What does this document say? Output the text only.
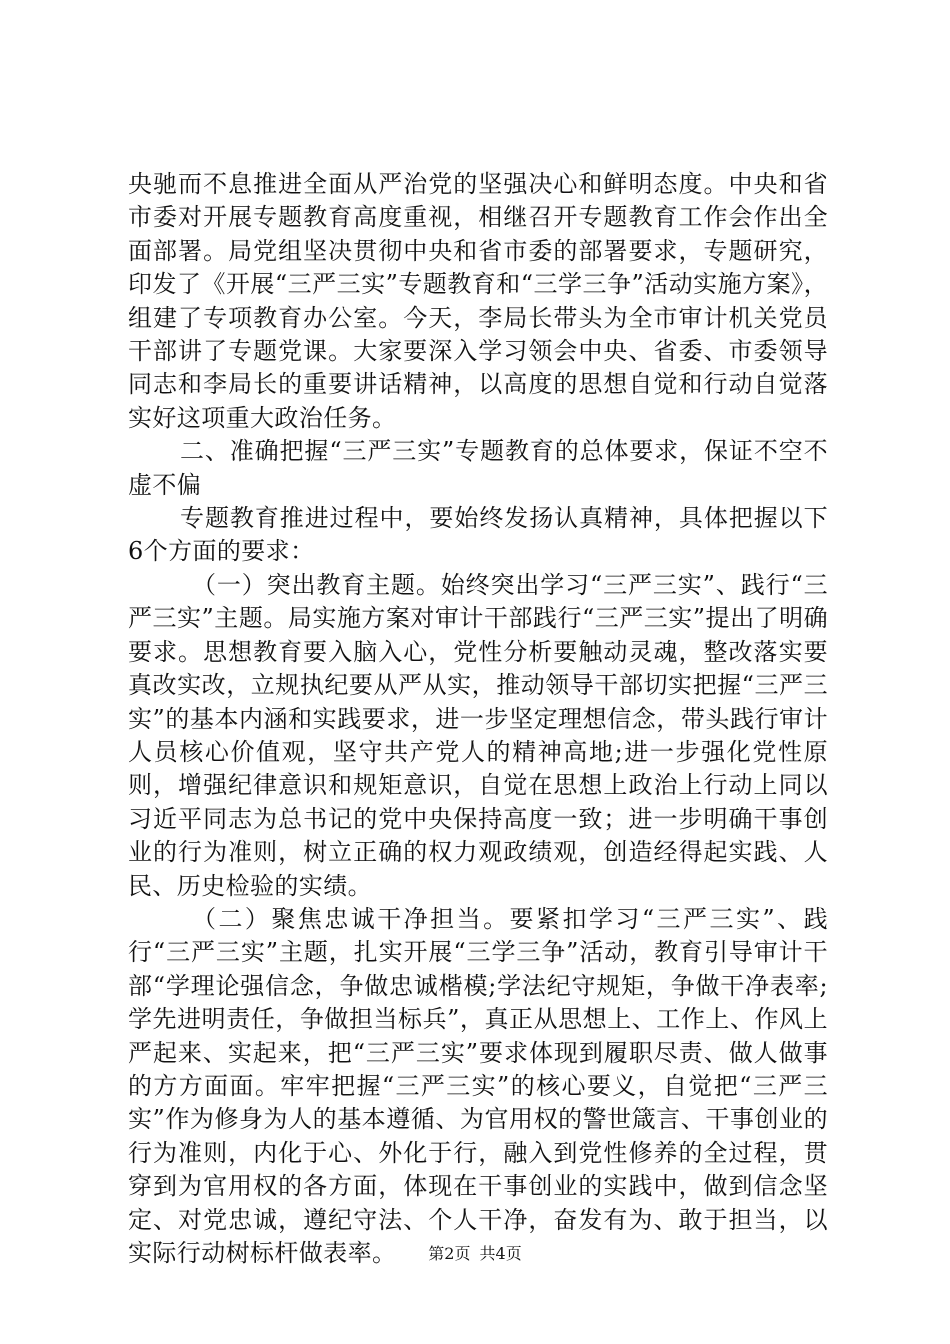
央驰而不息推进全面从严治党的坚强决心和鲜明态度。中央和省市委对开展专题教育高度重视，相继召开专题教育工作会作出全面部署。局党组坚决贯彻中央和省市委的部署要求，专题研究，印发了《开展“三严三实”专题教育和“三学三争”活动实施方案》，组建了专项教育办公室。今天，李局长带头为全市审计机关党员干部讲了专题党课。大家要深入学习领会中央、省委、市委领导同志和李局长的重要讲话精神，以高度的思想自觉和行动自觉落实好这项重大政治任务。

二、准确把握“三严三实”专题教育的总体要求，保证不空不虚不偏

专题教育推进过程中，要始终发扬认真精神，具体把握以下6个方面的要求：

（一）突出教育主题。始终突出学习“三严三实”、践行“三严三实”主题。局实施方案对审计干部践行“三严三实”提出了明确要求。思想教育要入脑入心，党性分析要触动灵魂，整改落实要真改实改，立规执纪要从严从实，推动领导干部切实把握“三严三实”的基本内涵和实践要求，进一步坚定理想信念，带头践行审计人员核心价值观，坚守共产党人的精神高地;进一步强化党性原则，增强纪律意识和规矩意识，自觉在思想上政治上行动上同以习近平同志为总书记的党中央保持高度一致；进一步明确干事创业的行为准则，树立正确的权力观政绩观，创造经得起实践、人民、历史检验的实绩。

（二）聚焦忠诚干净担当。要紧扣学习“三严三实”、践行“三严三实”主题，扎实开展“三学三争”活动，教育引导审计干部“学理论强信念，争做忠诚楷模;学法纪守规矩，争做干净表率;学先进明责任，争做担当标兵”，真正从思想上、工作上、作风上严起来、实起来，把“三严三实”要求体现到履职尽责、做人做事的方方面面。牢牢把握“三严三实”的核心要义，自觉把“三严三实”作为修身为人的基本遵循、为官用权的警世箴言、干事创业的行为准则，内化于心、外化于行，融入到党性修养的全过程，贯穿到为官用权的各方面，体现在干事创业的实践中，做到信念坚定、对党忠诚，遵纪守法、个人干净，奋发有为、敢于担当，以实际行动树标杆做表率。	第2页 共4页
